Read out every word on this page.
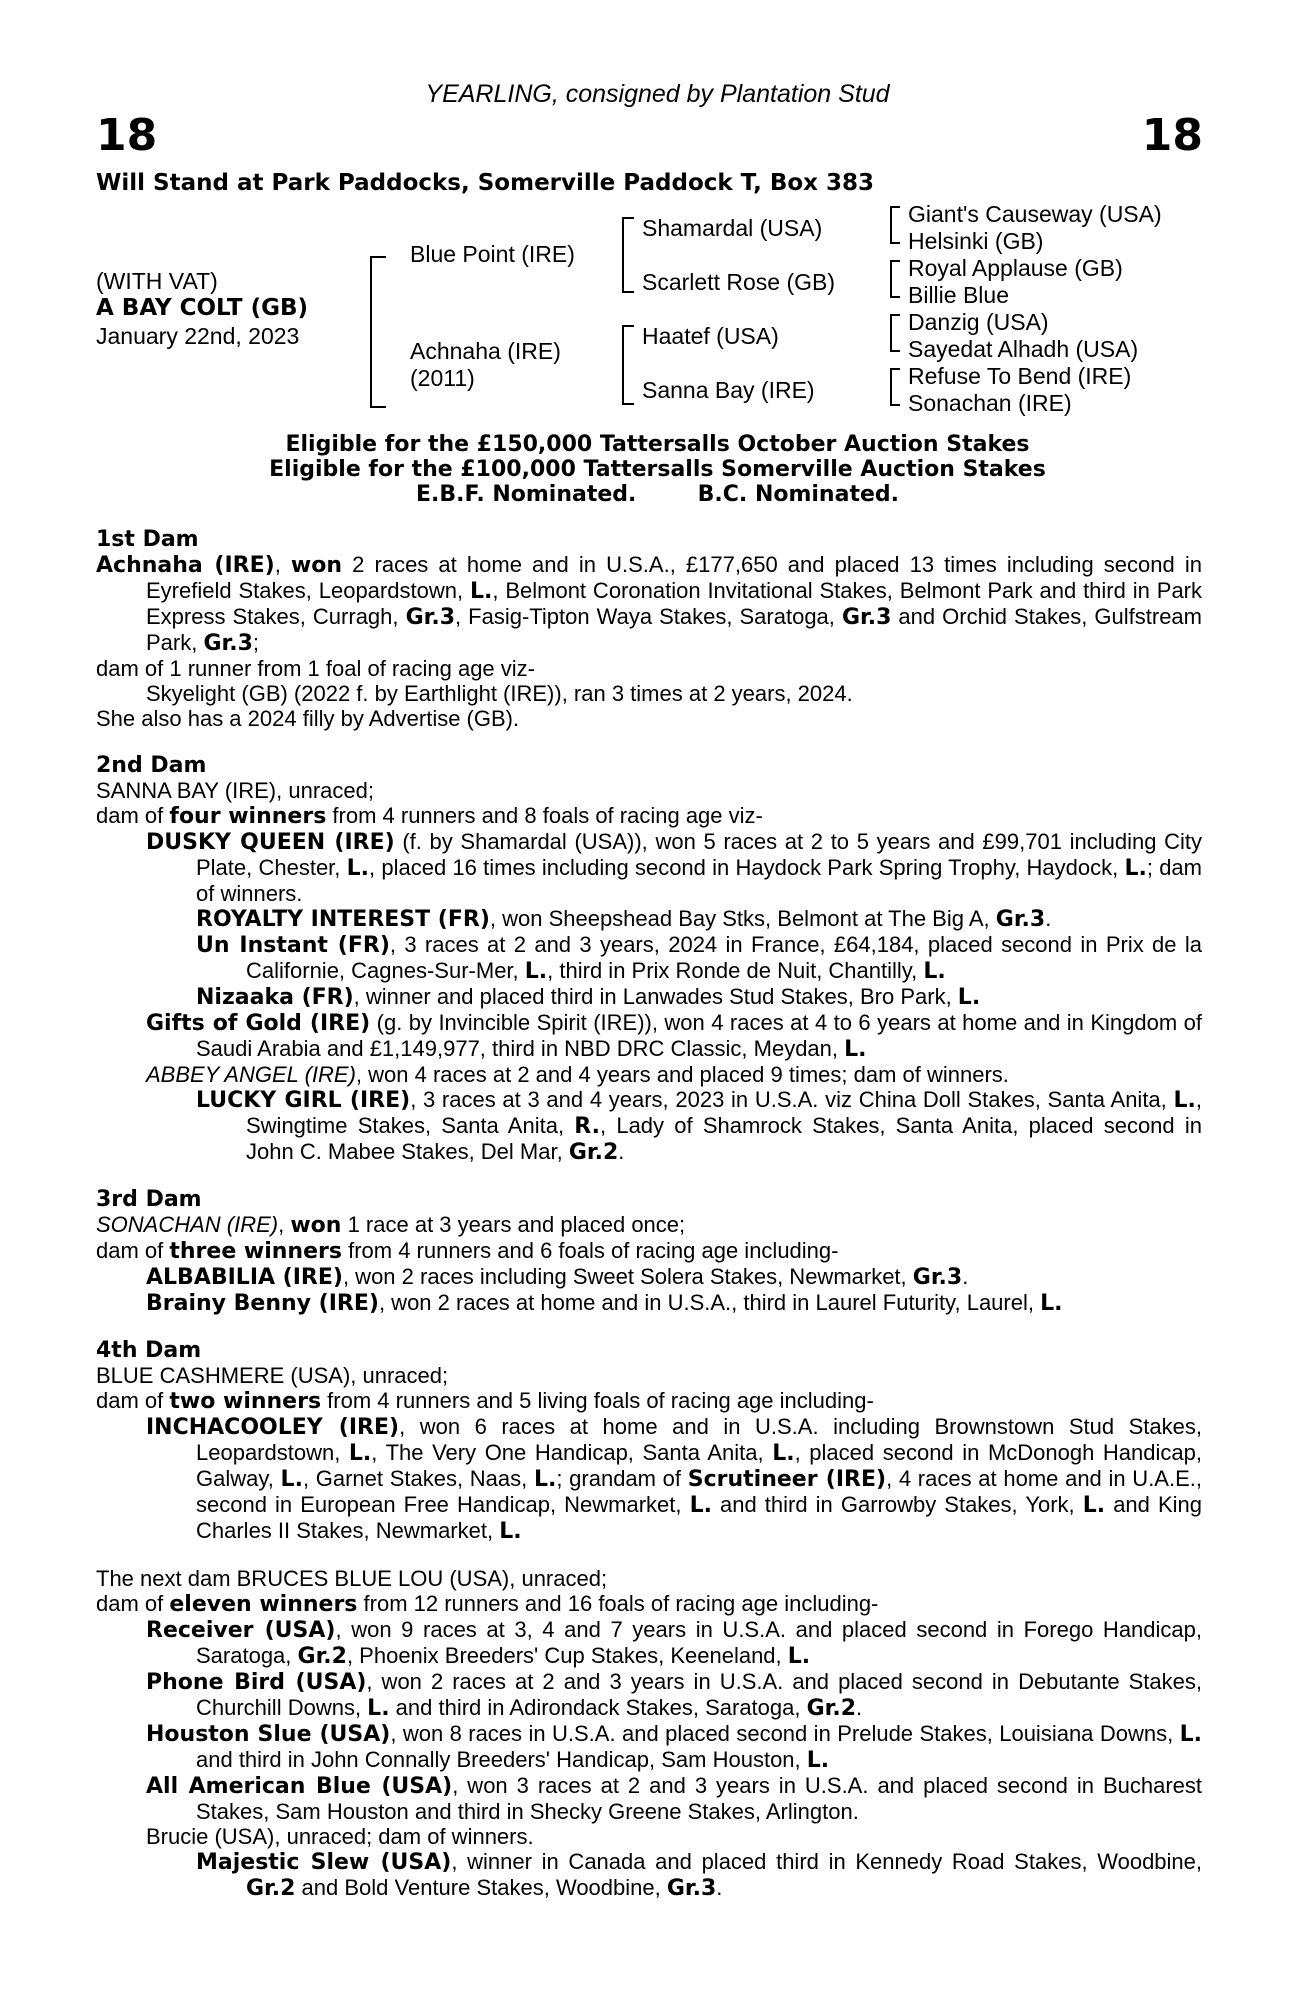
YEARLING, consigned by Plantation Stud
18	18
Will Stand at Park Paddocks, Somerville Paddock T, Box 383
(WITH VAT)
A BAY COLT (GB)
January 22nd, 2023
Blue Point (IRE)
Achnaha (IRE)
(2011)
Shamardal (USA)
Scarlett Rose (GB)
Haatef (USA)
Sanna Bay (IRE)
Giant's Causeway (USA)
Helsinki (GB)
Royal Applause (GB)
Billie Blue
Danzig (USA)
Sayedat Alhadh (USA)
Refuse To Bend (IRE)
Sonachan (IRE)
Eligible for the £150,000 Tattersalls October Auction Stakes
Eligible for the £100,000 Tattersalls Somerville Auction Stakes
E.B.F. Nominated.        B.C. Nominated.
1st Dam
Achnaha (IRE), won 2 races at home and in U.S.A., £177,650 and placed 13 times including second in Eyrefield Stakes, Leopardstown, L., Belmont Coronation Invitational Stakes, Belmont Park and third in Park Express Stakes, Curragh, Gr.3, Fasig-Tipton Waya Stakes, Saratoga, Gr.3 and Orchid Stakes, Gulfstream Park, Gr.3;
dam of 1 runner from 1 foal of racing age viz-
Skyelight (GB) (2022 f. by Earthlight (IRE)), ran 3 times at 2 years, 2024.
She also has a 2024 filly by Advertise (GB).
2nd Dam
SANNA BAY (IRE), unraced;
dam of four winners from 4 runners and 8 foals of racing age viz-
DUSKY QUEEN (IRE) (f. by Shamardal (USA)), won 5 races at 2 to 5 years and £99,701 including City Plate, Chester, L., placed 16 times including second in Haydock Park Spring Trophy, Haydock, L.; dam of winners.
ROYALTY INTEREST (FR), won Sheepshead Bay Stks, Belmont at The Big A, Gr.3.
Un Instant (FR), 3 races at 2 and 3 years, 2024 in France, £64,184, placed second in Prix de la Californie, Cagnes-Sur-Mer, L., third in Prix Ronde de Nuit, Chantilly, L.
Nizaaka (FR), winner and placed third in Lanwades Stud Stakes, Bro Park, L.
Gifts of Gold (IRE) (g. by Invincible Spirit (IRE)), won 4 races at 4 to 6 years at home and in Kingdom of Saudi Arabia and £1,149,977, third in NBD DRC Classic, Meydan, L.
ABBEY ANGEL (IRE), won 4 races at 2 and 4 years and placed 9 times; dam of winners.
LUCKY GIRL (IRE), 3 races at 3 and 4 years, 2023 in U.S.A. viz China Doll Stakes, Santa Anita, L., Swingtime Stakes, Santa Anita, R., Lady of Shamrock Stakes, Santa Anita, placed second in John C. Mabee Stakes, Del Mar, Gr.2.
3rd Dam
SONACHAN (IRE), won 1 race at 3 years and placed once;
dam of three winners from 4 runners and 6 foals of racing age including-
ALBABILIA (IRE), won 2 races including Sweet Solera Stakes, Newmarket, Gr.3.
Brainy Benny (IRE), won 2 races at home and in U.S.A., third in Laurel Futurity, Laurel, L.
4th Dam
BLUE CASHMERE (USA), unraced;
dam of two winners from 4 runners and 5 living foals of racing age including-
INCHACOOLEY (IRE), won 6 races at home and in U.S.A. including Brownstown Stud Stakes, Leopardstown, L., The Very One Handicap, Santa Anita, L., placed second in McDonogh Handicap, Galway, L., Garnet Stakes, Naas, L.; grandam of Scrutineer (IRE), 4 races at home and in U.A.E., second in European Free Handicap, Newmarket, L. and third in Garrowby Stakes, York, L. and King Charles II Stakes, Newmarket, L.
The next dam BRUCES BLUE LOU (USA), unraced;
dam of eleven winners from 12 runners and 16 foals of racing age including-
Receiver (USA), won 9 races at 3, 4 and 7 years in U.S.A. and placed second in Forego Handicap, Saratoga, Gr.2, Phoenix Breeders' Cup Stakes, Keeneland, L.
Phone Bird (USA), won 2 races at 2 and 3 years in U.S.A. and placed second in Debutante Stakes, Churchill Downs, L. and third in Adirondack Stakes, Saratoga, Gr.2.
Houston Slue (USA), won 8 races in U.S.A. and placed second in Prelude Stakes, Louisiana Downs, L. and third in John Connally Breeders' Handicap, Sam Houston, L.
All American Blue (USA), won 3 races at 2 and 3 years in U.S.A. and placed second in Bucharest Stakes, Sam Houston and third in Shecky Greene Stakes, Arlington.
Brucie (USA), unraced; dam of winners.
Majestic Slew (USA), winner in Canada and placed third in Kennedy Road Stakes, Woodbine, Gr.2 and Bold Venture Stakes, Woodbine, Gr.3.
